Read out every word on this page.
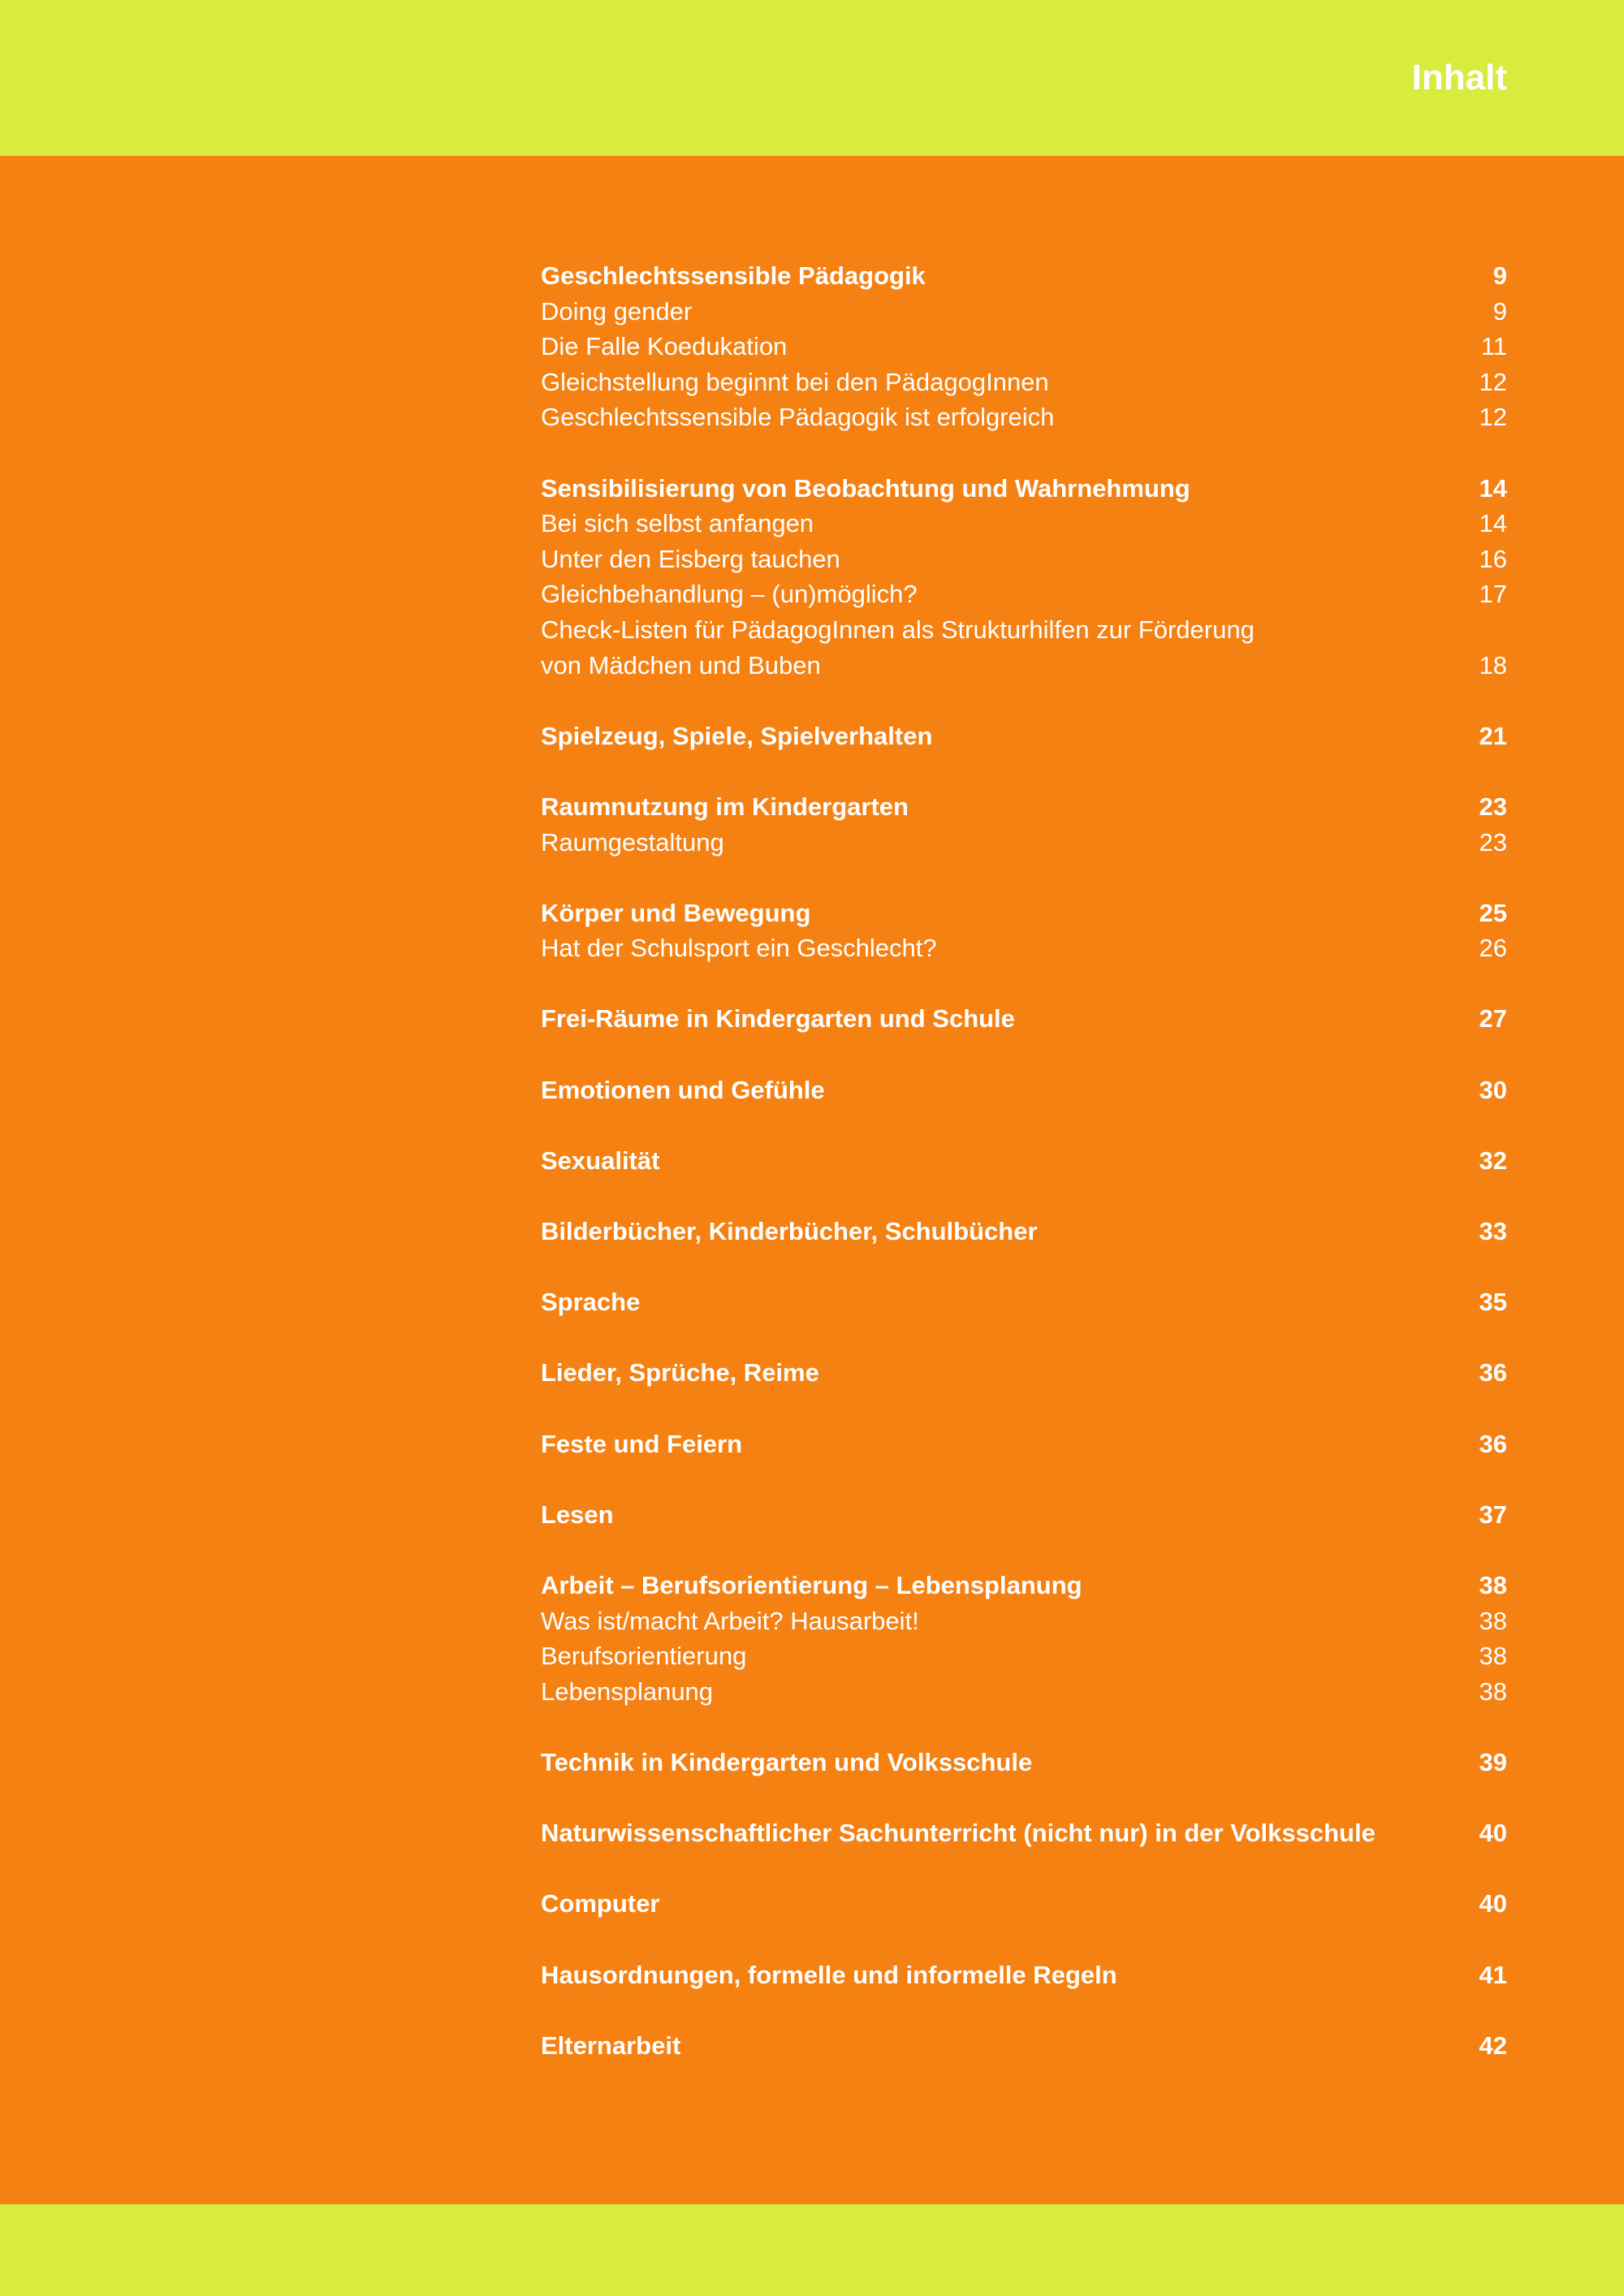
Inhalt
Geschlechtssensible Pädagogik	9
Doing gender	9
Die Falle Koedukation	11
Gleichstellung beginnt bei den PädagogInnen	12
Geschlechtssensible Pädagogik ist erfolgreich	12
Sensibilisierung von Beobachtung und Wahrnehmung	14
Bei sich selbst anfangen	14
Unter den Eisberg tauchen	16
Gleichbehandlung – (un)möglich?	17
Check-Listen für PädagogInnen als Strukturhilfen zur Förderung
von Mädchen und Buben	18
Spielzeug, Spiele, Spielverhalten	21
Raumnutzung im Kindergarten	23
Raumgestaltung	23
Körper und Bewegung	25
Hat der Schulsport ein Geschlecht?	26
Frei-Räume in Kindergarten und Schule	27
Emotionen und Gefühle	30
Sexualität	32
Bilderbücher, Kinderbücher, Schulbücher	33
Sprache	35
Lieder, Sprüche, Reime	36
Feste und Feiern	36
Lesen	37
Arbeit – Berufsorientierung – Lebensplanung	38
Was ist/macht Arbeit? Hausarbeit!	38
Berufsorientierung	38
Lebensplanung	38
Technik in Kindergarten und Volksschule	39
Naturwissenschaftlicher Sachunterricht (nicht nur) in der Volksschule	40
Computer	40
Hausordnungen, formelle und informelle Regeln	41
Elternarbeit	42
